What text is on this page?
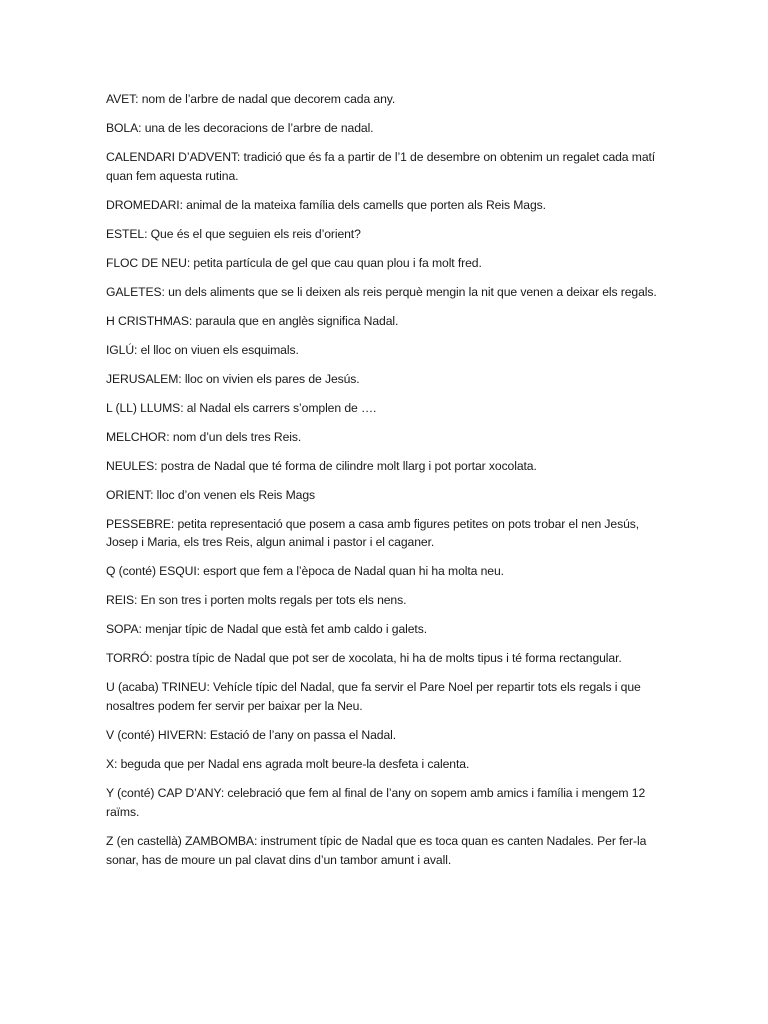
AVET: nom de l’arbre de nadal que decorem cada any.

BOLA: una de les decoracions de l’arbre de nadal.

CALENDARI D’ADVENT: tradició que és fa a partir de l’1 de desembre on obtenim un regalet cada matí quan fem aquesta rutina.

DROMEDARI: animal de la mateixa família dels camells que porten als Reis Mags.

ESTEL: Que és el que seguien els reis d’orient?

FLOC DE NEU: petita partícula de gel que cau quan plou i fa molt fred.

GALETES: un dels aliments que se li deixen als reis perquè mengin la nit que venen a deixar els regals.

H CRISTHMAS: paraula que en anglès significa Nadal.

IGLÚ: el lloc on viuen els esquimals.

JERUSALEM: lloc on vivien els pares de Jesús.

L (LL) LLUMS: al Nadal els carrers s’omplen de ….

MELCHOR: nom d’un dels tres Reis.

NEULES: postra de Nadal que té forma de cilindre molt llarg i pot portar xocolata.

ORIENT: lloc d’on venen els Reis Mags

PESSEBRE: petita representació que posem a casa amb figures petites on pots trobar el nen Jesús, Josep i Maria, els tres Reis, algun animal i pastor i el caganer.

Q (conté) ESQUI: esport que fem a l’època de Nadal quan hi ha molta neu.

REIS: En son tres i porten molts regals per tots els nens.

SOPA: menjar típic de Nadal que està fet amb caldo i galets.

TORRÓ: postra típic de Nadal que pot ser de xocolata, hi ha de molts tipus i té forma rectangular.

U (acaba) TRINEU: Vehícle típic del Nadal, que fa servir el Pare Noel per repartir tots els regals i que nosaltres podem fer servir per baixar per la Neu.

V (conté) HIVERN: Estació de l’any on passa el Nadal.

X: beguda que per Nadal ens agrada molt beure-la desfeta i calenta.

Y (conté) CAP D’ANY: celebració que fem al final de l’any on sopem amb amics i família i mengem 12 raïms.

Z (en castellà) ZAMBOMBA: instrument típic de Nadal que es toca quan es canten Nadales. Per fer-la sonar, has de moure un pal clavat dins d’un tambor amunt i avall.
